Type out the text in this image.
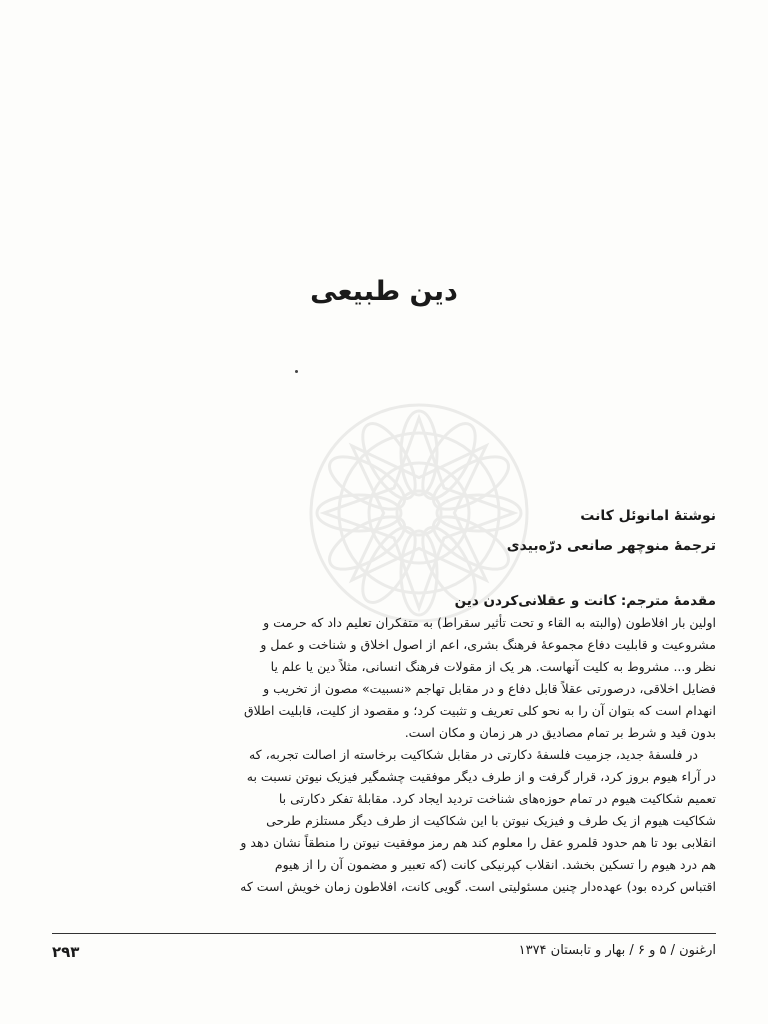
دین طبیعی
نوشتهٔ امانوئل کانت
ترجمهٔ منوچهر صانعی درّه‌بیدی
مقدمهٔ مترجم: کانت و عقلانی‌کردن دین

اولین بار افلاطون (والبته به القاء و تحت تأثیر سقراط) به متفکران تعلیم داد که حرمت و
مشروعیت و قابلیت دفاع مجموعهٔ فرهنگ بشری، اعم از اصول اخلاق و شناخت و عمل و
نظر و... مشروط به کلیت آنهاست. هر یک از مقولات فرهنگ انسانی، مثلاً دین یا علم یا
فضایل اخلاقی، درصورتی عقلاً قابل دفاع و در مقابل تهاجم «نسبیت» مصون از تخریب و
انهدام است که بتوان آن را به نحو کلی تعریف و تثبیت کرد؛ و مقصود از کلیت، قابلیت اطلاق
بدون قید و شرط بر تمام مصادیق در هر زمان و مکان است.

در فلسفهٔ جدید، جزمیت فلسفهٔ دکارتی در مقابل شکاکیت برخاسته از اصالت تجربه، که
در آراء هیوم بروز کرد، قرار گرفت و از طرف دیگر موفقیت چشمگیر فیزیک نیوتن نسبت به
تعمیم شکاکیت هیوم در تمام حوزه‌های شناخت تردید ایجاد کرد. مقابلهٔ تفکر دکارتی با
شکاکیت هیوم از یک طرف و فیزیک نیوتن با این شکاکیت از طرف دیگر مستلزم طرحی
انقلابی بود تا هم حدود قلمرو عقل را معلوم کند هم رمز موفقیت نیوتن را منطقاً نشان دهد و
هم درد هیوم را تسکین بخشد. انقلاب کپرنیکی کانت (که تعبیر و مضمون آن را از هیوم
اقتباس کرده بود) عهده‌دار چنین مسئولیتی است. گویی کانت، افلاطون زمان خویش است که

ارغنون / ۵ و ۶ / بهار و تابستان ۱۳۷۴
۲۹۳
